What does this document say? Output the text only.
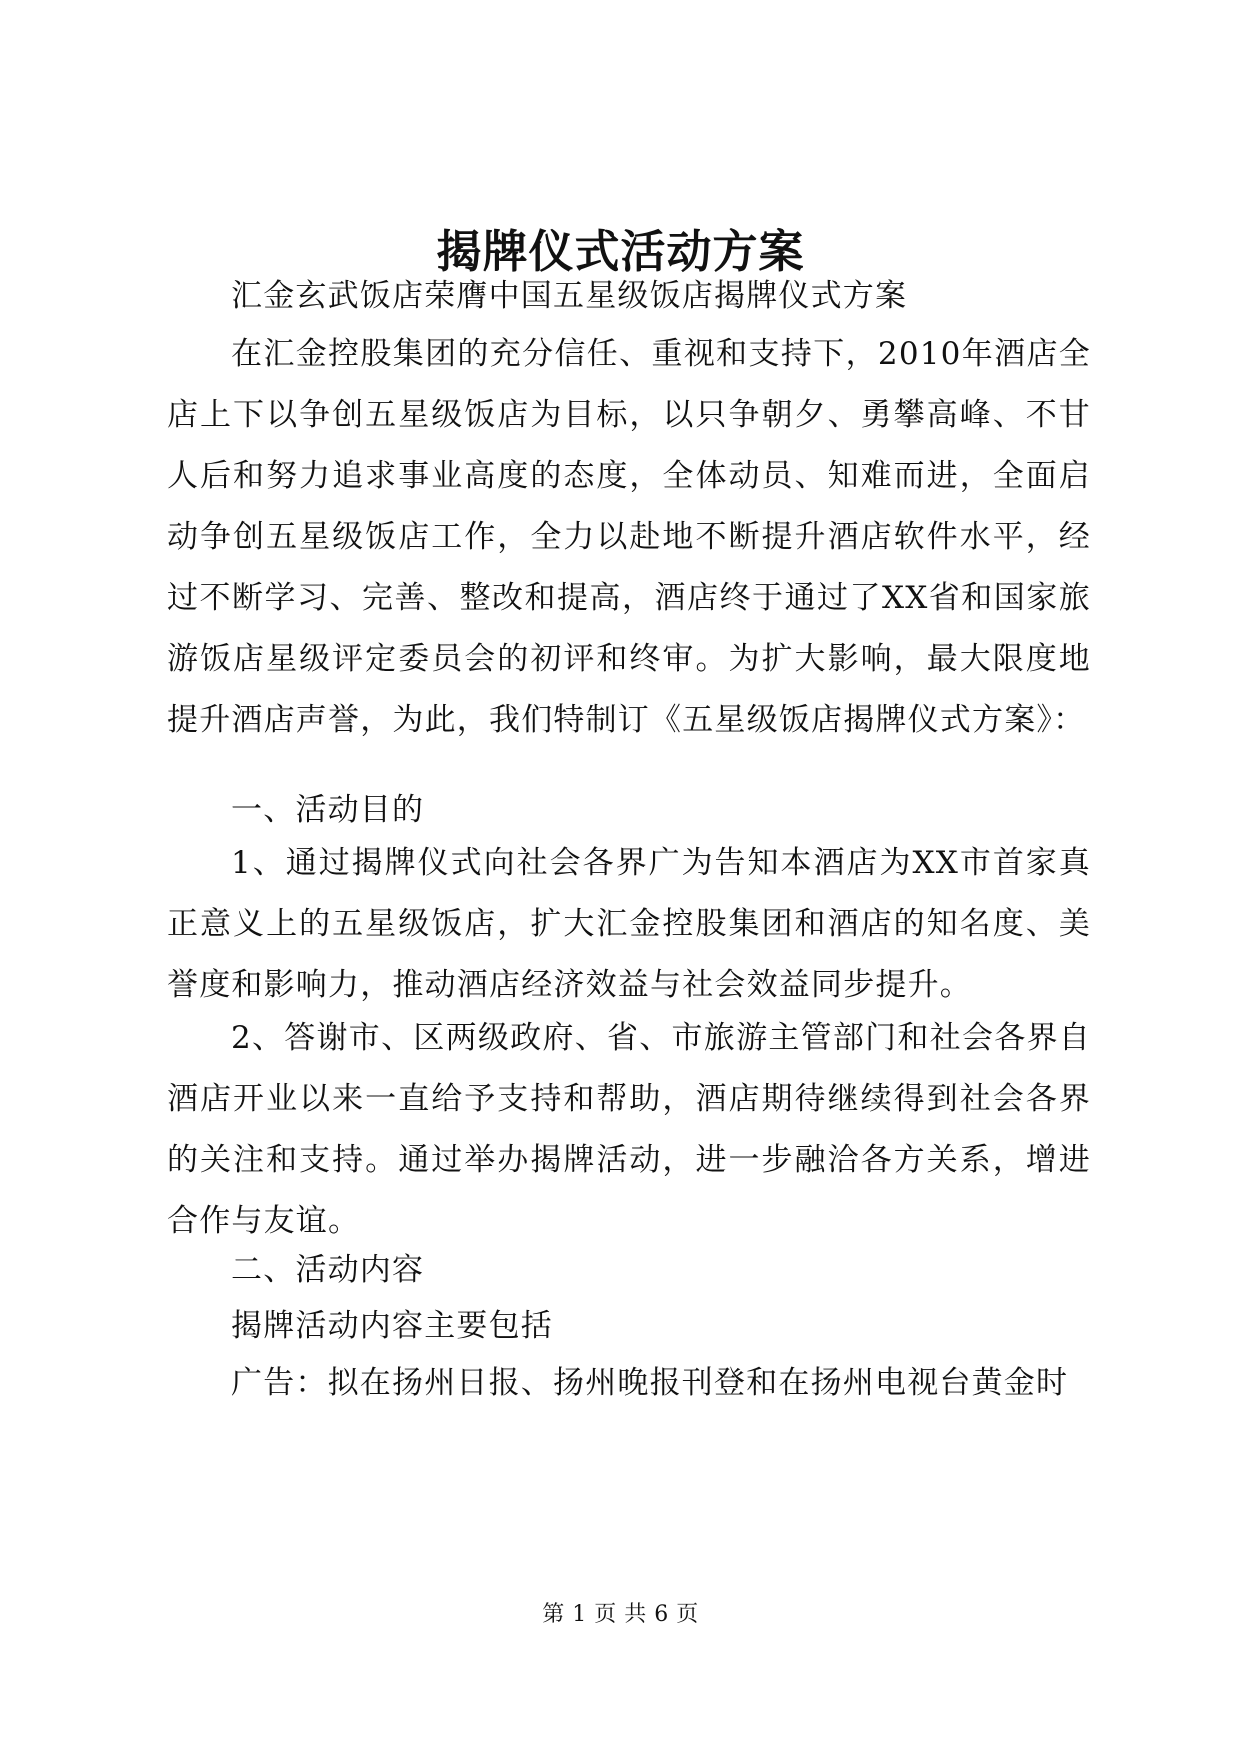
揭牌仪式活动方案

汇金玄武饭店荣膺中国五星级饭店揭牌仪式方案

在汇金控股集团的充分信任、重视和支持下，2010年酒店全店上下以争创五星级饭店为目标，以只争朝夕、勇攀高峰、不甘人后和努力追求事业高度的态度，全体动员、知难而进，全面启动争创五星级饭店工作，全力以赴地不断提升酒店软件水平，经过不断学习、完善、整改和提高，酒店终于通过了XX省和国家旅游饭店星级评定委员会的初评和终审。为扩大影响，最大限度地提升酒店声誉，为此，我们特制订《五星级饭店揭牌仪式方案》：

一、活动目的

1、通过揭牌仪式向社会各界广为告知本酒店为XX市首家真正意义上的五星级饭店，扩大汇金控股集团和酒店的知名度、美誉度和影响力，推动酒店经济效益与社会效益同步提升。

2、答谢市、区两级政府、省、市旅游主管部门和社会各界自酒店开业以来一直给予支持和帮助，酒店期待继续得到社会各界的关注和支持。通过举办揭牌活动，进一步融洽各方关系，增进合作与友谊。

二、活动内容

揭牌活动内容主要包括

广告：拟在扬州日报、扬州晚报刊登和在扬州电视台黄金时

第 1 页 共 6 页
